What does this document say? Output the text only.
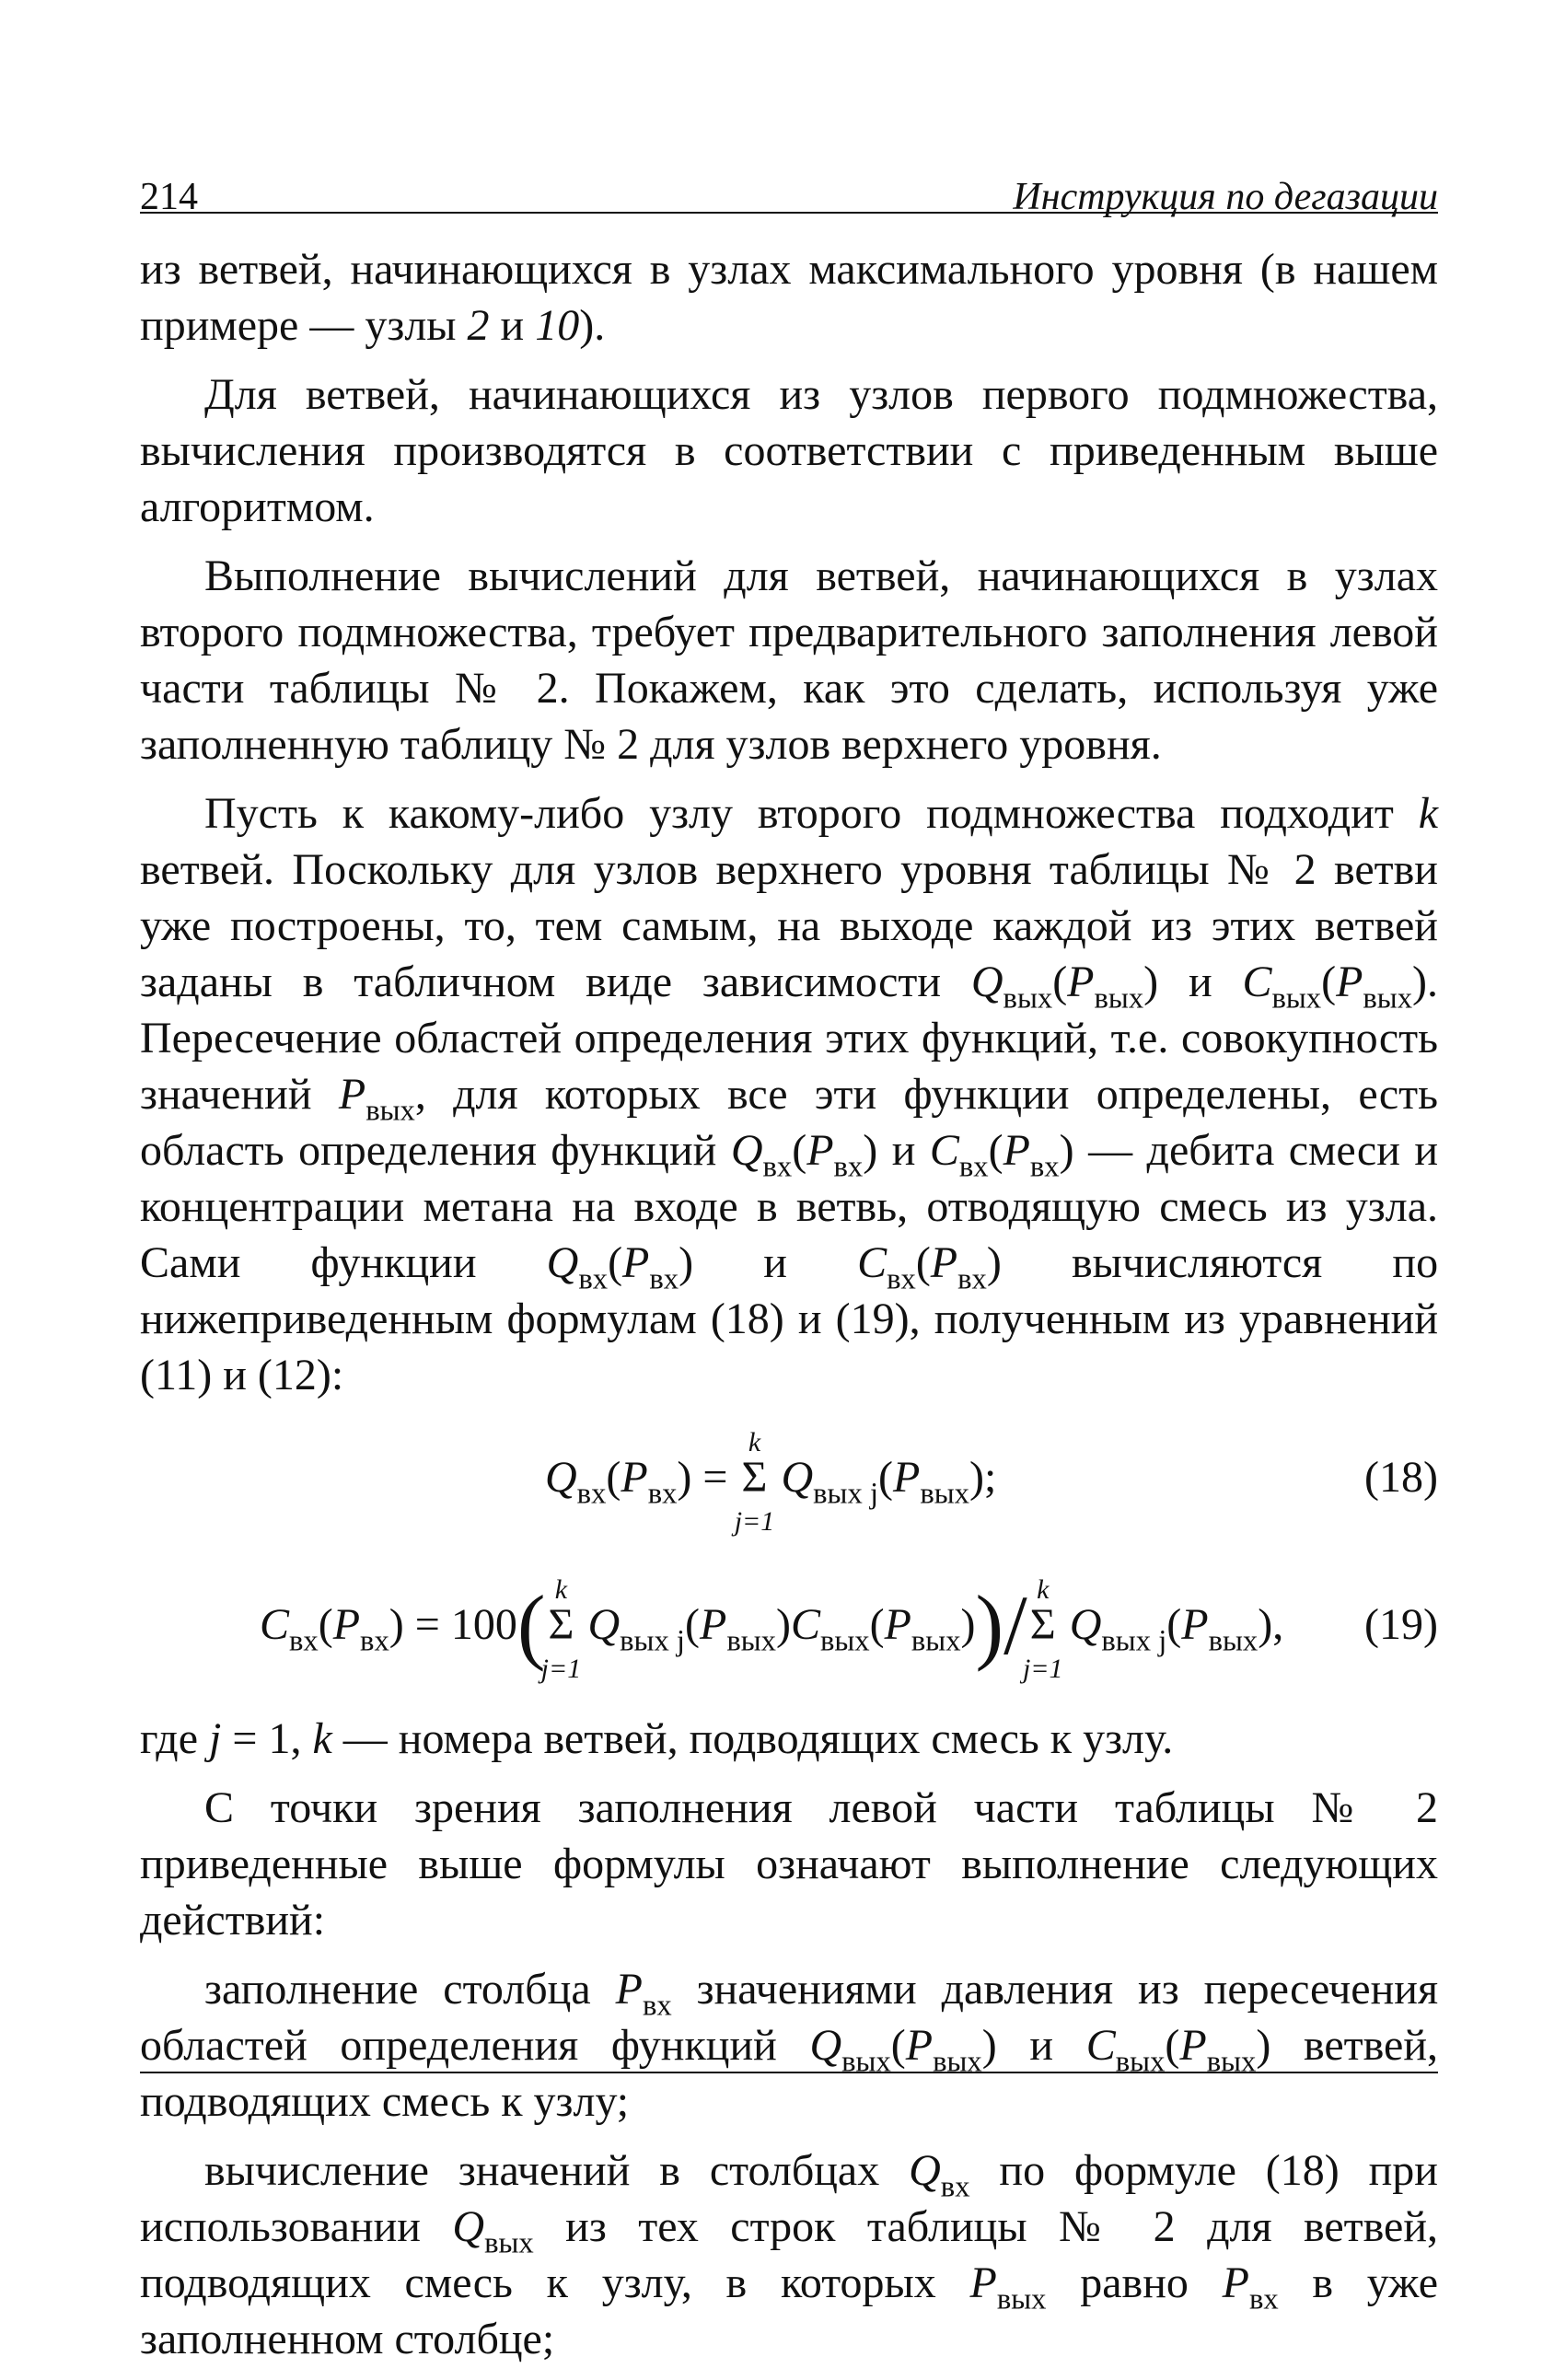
214	Инструкция по дегазации

из ветвей, начинающихся в узлах максимального уровня (в нашем примере — узлы 2 и 10).

Для ветвей, начинающихся из узлов первого подмножества, вычисления производятся в соответствии с приведенным выше алгоритмом.

Выполнение вычислений для ветвей, начинающихся в узлах второго подмножества, требует предварительного заполнения левой части таблицы № 2. Покажем, как это сделать, используя уже заполненную таблицу № 2 для узлов верхнего уровня.

Пусть к какому-либо узлу второго подмножества подходит k ветвей. Поскольку для узлов верхнего уровня таблицы № 2 ветви уже построены, то, тем самым, на выходе каждой из этих ветвей заданы в табличном виде зависимости $Q_{вых}(P_{вых})$ и $C_{вых}(P_{вых})$. Пересечение областей определения этих функций, т.е. совокупность значений $P_{вых}$, для которых все эти функции определены, есть область определения функций $Q_{вх}(P_{вх})$ и $C_{вх}(P_{вх})$ — дебита смеси и концентрации метана на входе в ветвь, отводящую смесь из узла. Сами функции $Q_{вх}(P_{вх})$ и $C_{вх}(P_{вх})$ вычисляются по нижеприведенным формулам (18) и (19), полученным из уравнений (11) и (12):

$Q_{вх}(P_{вх})$ =
k
Σ
j=1
$Q_{вых j}(P_{вых})$;	(18)
$C_{вх}(P_{вх}) = 100$( k
Σ
j=1
$Q_{вых j}(P_{вых})C_{вых}(P_{вых}))/$ k
Σ
j=1
$Q_{вых j}(P_{вых})$, (19)

где j = 1, k — номера ветвей, подводящих смесь к узлу.

С точки зрения заполнения левой части таблицы № 2 приведенные выше формулы означают выполнение следующих действий:

заполнение столбца $P_{вх}$ значениями давления из пересечения областей определения функций $Q_{вых}(P_{вых})$ и $C_{вых}(P_{вых})$ ветвей, подводящих смесь к узлу;

вычисление значений в столбцах $Q_{вх}$ по формуле (18) при использовании $Q_{вых}$ из тех строк таблицы № 2 для ветвей, подводящих смесь к узлу, в которых $P_{вых}$ равно $P_{вх}$ в уже заполненном столбце;
